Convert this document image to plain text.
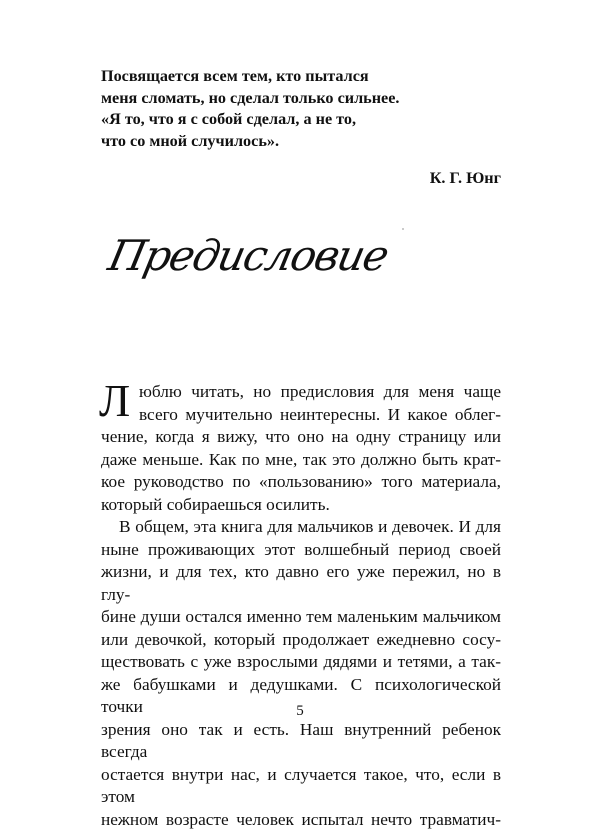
Посвящается всем тем, кто пытался
меня сломать, но сделал только сильнее.
«Я то, что я с собой сделал, а не то,
что со мной случилось».
К. Г. Юнг
Предисловие
Л юблю читать, но предисловия для меня чаще
всего мучительно неинтересны. И какое облег-
чение, когда я вижу, что оно на одну страницу или
даже меньше. Как по мне, так это должно быть крат-
кое руководство по «пользованию» того материала,
который собираешься осилить.
В общем, эта книга для мальчиков и девочек. И для
ныне проживающих этот волшебный период своей
жизни, и для тех, кто давно его уже пережил, но в глу-
бине души остался именно тем маленьким мальчиком
или девочкой, который продолжает ежедневно сосу-
ществовать с уже взрослыми дядями и тетями, а так-
же бабушками и дедушками. С психологической точки
зрения оно так и есть. Наш внутренний ребенок всегда
остается внутри нас, и случается такое, что, если в этом
нежном возрасте человек испытал нечто травматич-
5
